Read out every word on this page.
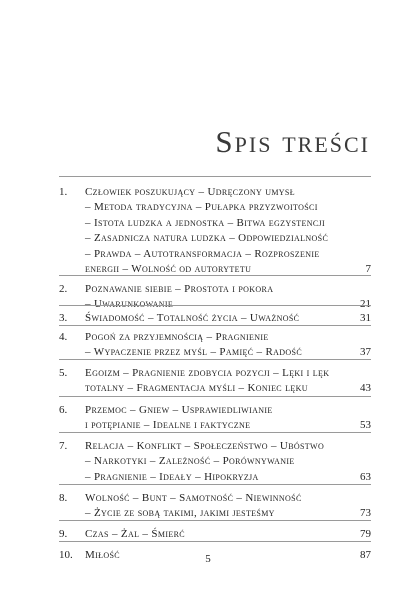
Spis treści
1. Człowiek poszukujący – Udręczony umysł
– Metoda tradycyjna – Pułapka przyzwoitości
– Istota ludzka a jednostka – Bitwa egzystencji
– Zasadnicza natura ludzka – Odpowiedzialność
– Prawda – Autotransformacja – Rozproszenie
energii – Wolność od autorytetu	7
2. Poznawanie siebie – Prostota i pokora
– Uwarunkowanie	21
3. Świadomość – Totalność życia – Uważność	31
4. Pogoń za przyjemnością – Pragnienie
– Wypaczenie przez myśl – Pamięć – Radość	37
5. Egoizm – Pragnienie zdobycia pozycji – Lęki i lęk
totalny – Fragmentacja myśli – Koniec lęku	43
6. Przemoc – Gniew – Usprawiedliwianie
i potępianie – Idealne i faktyczne	53
7. Relacja – Konflikt – Społeczeństwo – Ubóstwo
– Narkotyki – Zależność – Porównywanie
– Pragnienie – Ideały – Hipokryzja	63
8. Wolność – Bunt – Samotność – Niewinność
– Życie ze sobą takimi, jakimi jesteśmy	73
9. Czas – Żal – Śmierć	79
10. Miłość	87
5
